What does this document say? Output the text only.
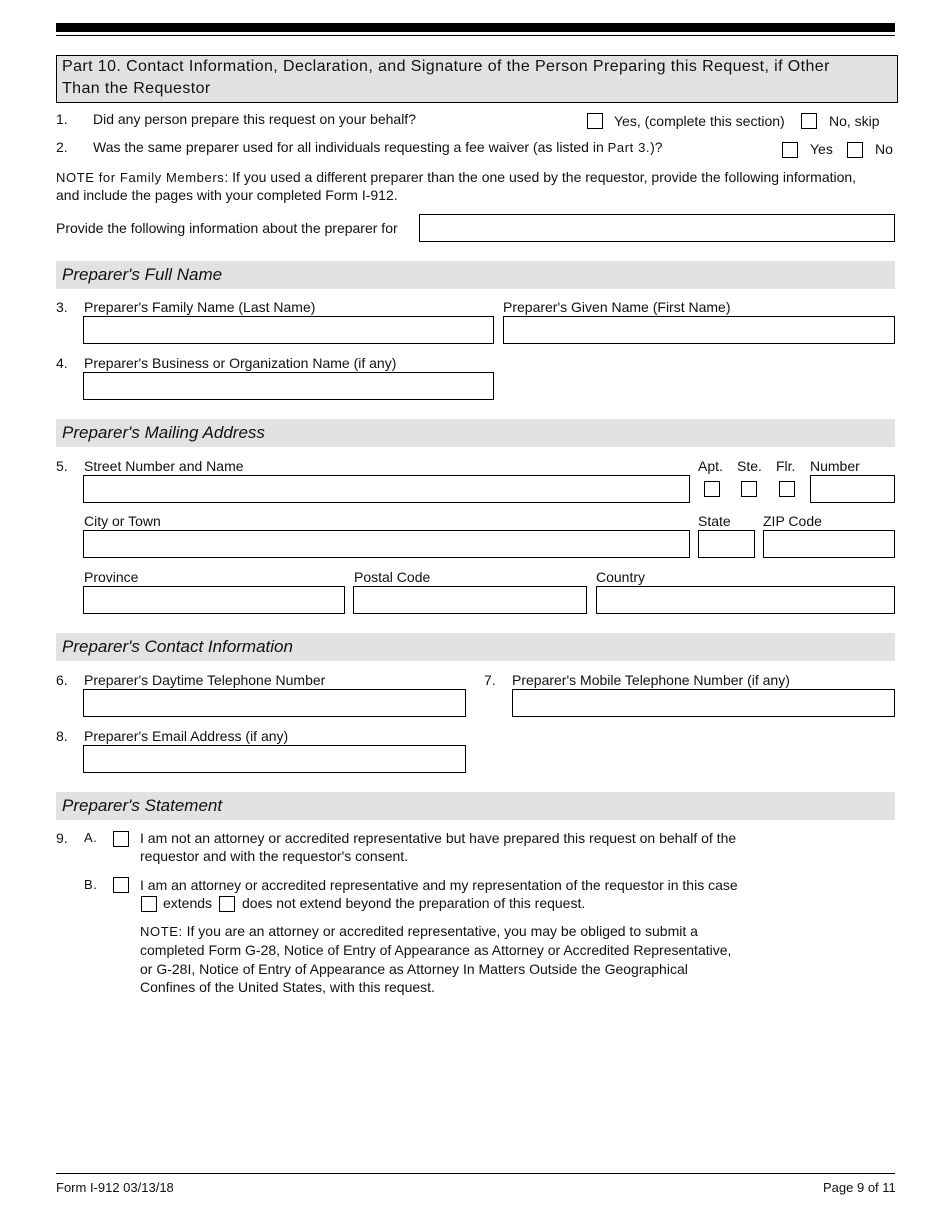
Part 10. Contact Information, Declaration, and Signature of the Person Preparing this Request, if Other
Than the Requestor
1. Did any person prepare this request on your behalf?	Yes, (complete this section)	No, skip
2. Was the same preparer used for all individuals requesting a fee waiver (as listed in Part 3.)?	Yes	No
NOTE for Family Members: If you used a different preparer than the one used by the requestor, provide the following information,
and include the pages with your completed Form I-912.
Provide the following information about the preparer for
Preparer's Full Name
3. Preparer's Family Name (Last Name)	Preparer's Given Name (First Name)
4. Preparer's Business or Organization Name (if any)
Preparer's Mailing Address
5. Street Number and Name	Apt. Ste. Flr. Number
City or Town	State ZIP Code
Province	Postal Code	Country
Preparer's Contact Information
6. Preparer's Daytime Telephone Number	7. Preparer's Mobile Telephone Number (if any)
8. Preparer's Email Address (if any)
Preparer's Statement
9. A.	I am not an attorney or accredited representative but have prepared this request on behalf of the
requestor and with the requestor's consent.
B.	I am an attorney or accredited representative and my representation of the requestor in this case
extends does not extend beyond the preparation of this request.
NOTE: If you are an attorney or accredited representative, you may be obliged to submit a
completed Form G-28, Notice of Entry of Appearance as Attorney or Accredited Representative,
or G-28I, Notice of Entry of Appearance as Attorney In Matters Outside the Geographical
Confines of the United States, with this request.
Form I-912 03/13/18	Page 9 of 11
